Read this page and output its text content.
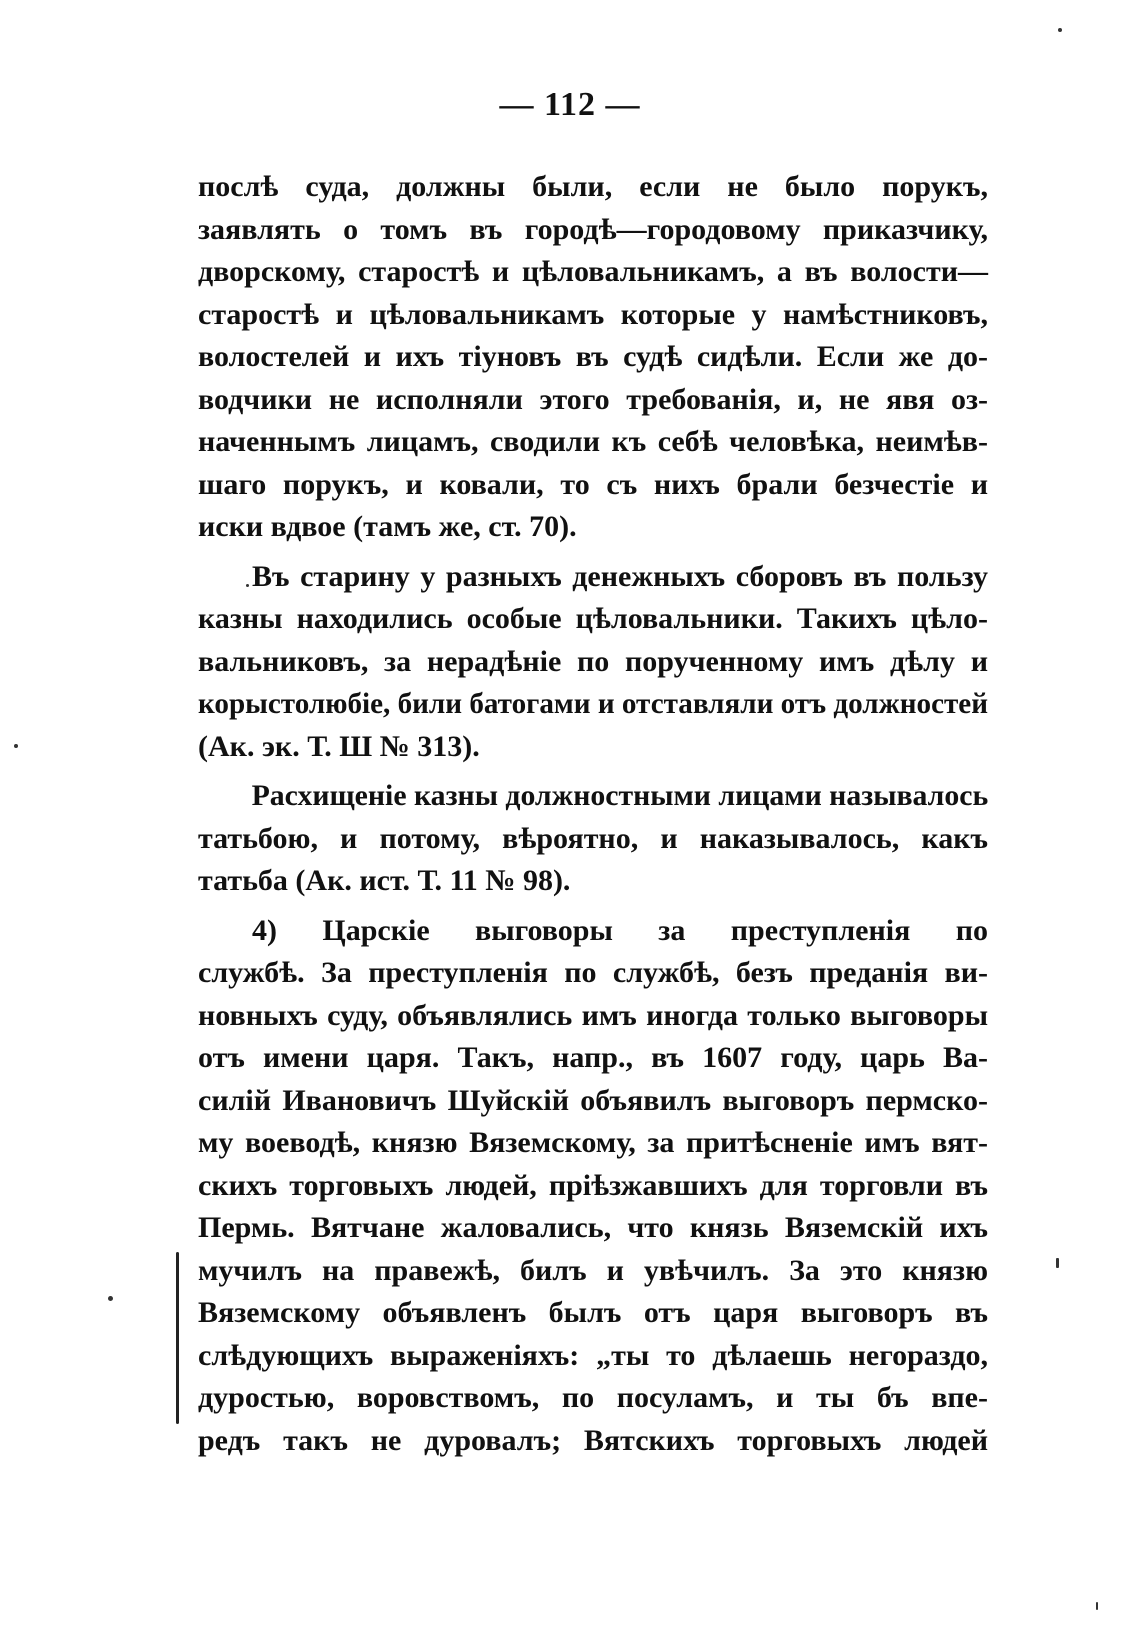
— 112 —
послѣ суда, должны были, если не было порукъ,
заявлять о томъ въ городѣ—городовому приказчику,
дворскому, старостѣ и цѣловальникамъ, а въ волости—
старостѣ и цѣловальникамъ которые у намѣстниковъ,
волостелей и ихъ тіуновъ въ судѣ сидѣли. Если же до-
водчики не исполняли этого требованія, и, не явя оз-
наченнымъ лицамъ, сводили къ себѣ человѣка, неимѣв-
шаго порукъ, и ковали, то съ нихъ брали безчестіе и
иски вдвое (тамъ же, ст. 70).
Въ старину у разныхъ денежныхъ сборовъ въ пользу
казны находились особые цѣловальники. Такихъ цѣло-
вальниковъ, за нерадѣніе по порученному имъ дѣлу и
корыстолюбіе, били батогами и отставляли отъ должностей
(Ак. эк. Т. Ш № 313).
Расхищеніе казны должностными лицами называлось
татьбою, и потому, вѣроятно, и наказывалось, какъ
татьба (Ак. ист. Т. 11 № 98).
4) Царскіе выговоры за преступленія по
службѣ. За преступленія по службѣ, безъ преданія ви-
новныхъ суду, объявлялись имъ иногда только выговоры
отъ имени царя. Такъ, напр., въ 1607 году, царь Ва-
силій Ивановичъ Шуйскій объявилъ выговоръ пермско-
му воеводѣ, князю Вяземскому, за притѣсненіе имъ вят-
скихъ торговыхъ людей, пріѣзжавшихъ для торговли въ
Пермь. Вятчане жаловались, что князь Вяземскій ихъ
мучилъ на правежѣ, билъ и увѣчилъ. За это князю
Вяземскому объявленъ былъ отъ царя выговоръ въ
слѣдующихъ выраженіяхъ: „ты то дѣлаешь негораздо,
дуростью, воровствомъ, по посуламъ, и ты бъ впе-
редъ такъ не дуровалъ; Вятскихъ торговыхъ людей
